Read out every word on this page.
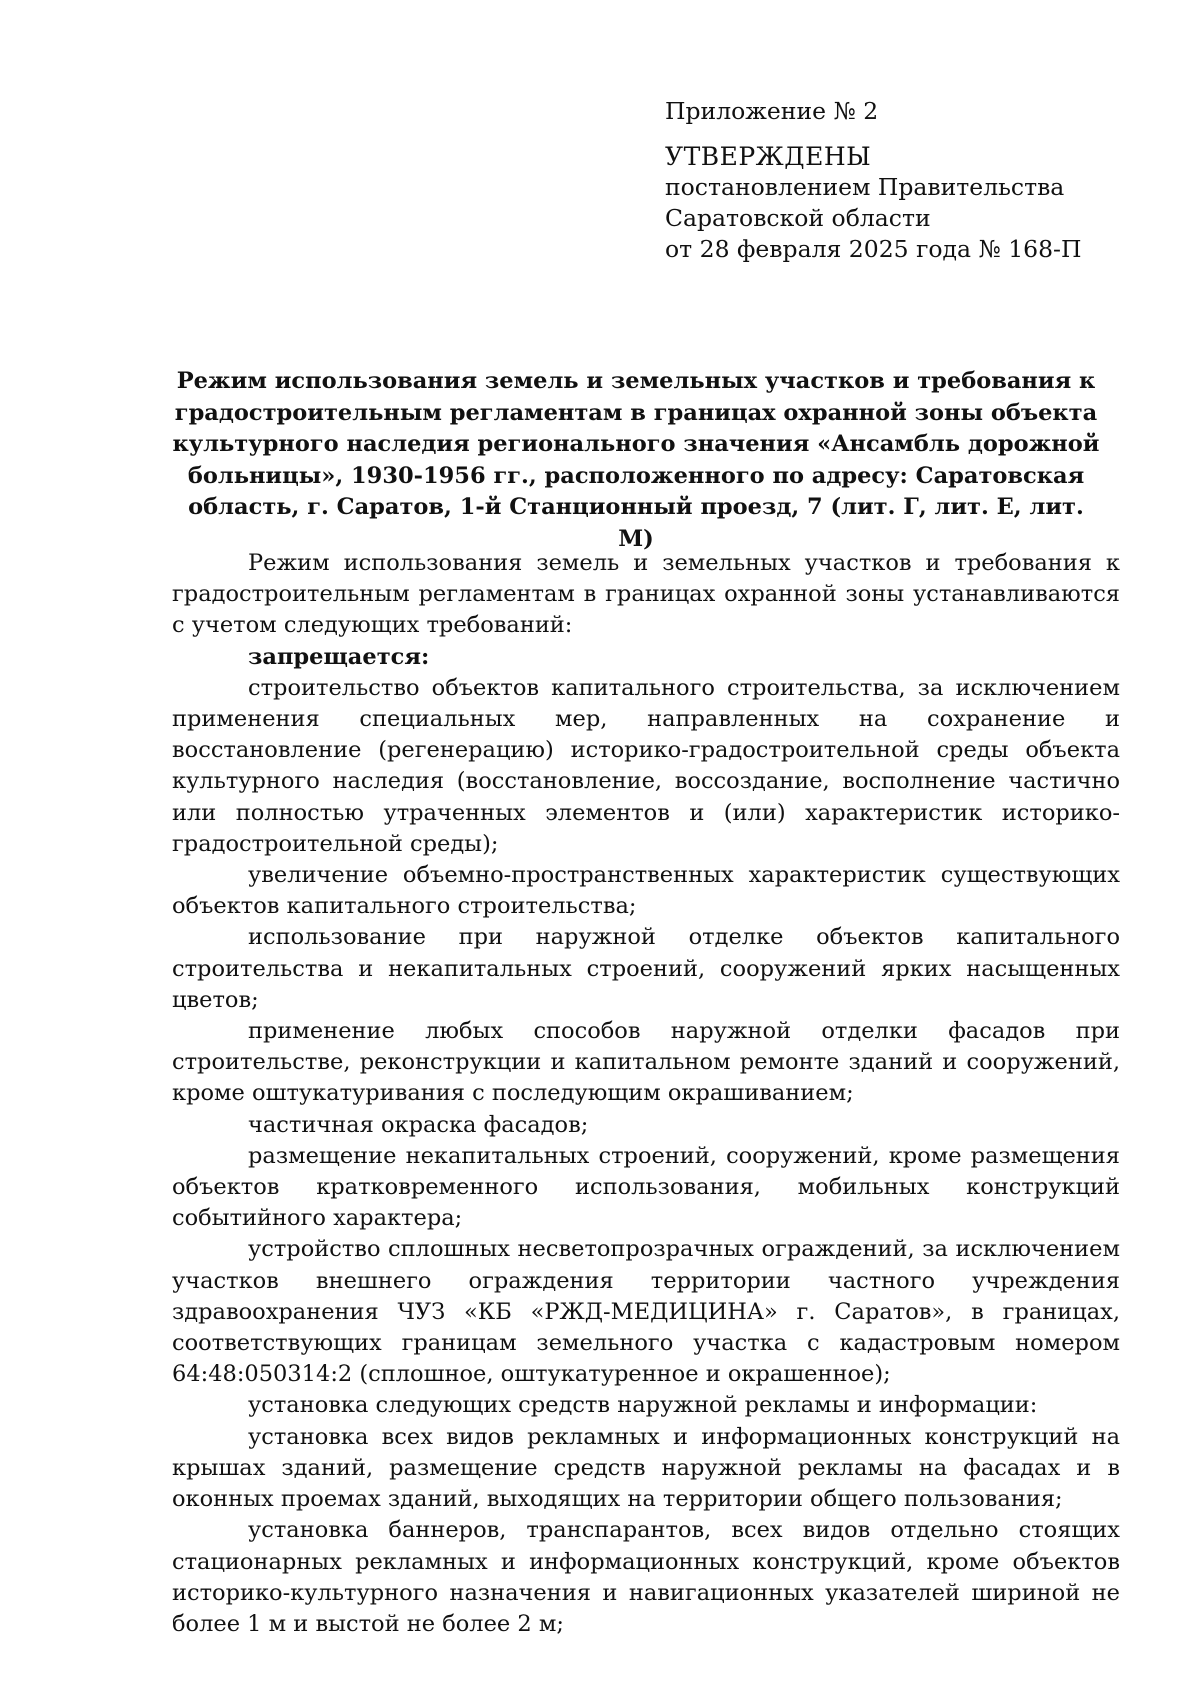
Приложение № 2
УТВЕРЖДЕНЫ
постановлением Правительства
Саратовской области
от 28 февраля 2025 года № 168-П
Режим использования земель и земельных участков и требования к градостроительным регламентам в границах охранной зоны объекта культурного наследия регионального значения «Ансамбль дорожной больницы», 1930-1956 гг., расположенного по адресу: Саратовская область, г. Саратов, 1-й Станционный проезд, 7 (лит. Г, лит. Е, лит. М)

Режим использования земель и земельных участков и требования к градостроительным регламентам в границах охранной зоны устанавливаются с учетом следующих требований:

запрещается:

строительство объектов капитального строительства, за исключением применения специальных мер, направленных на сохранение и восстановление (регенерацию) историко-градостроительной среды объекта культурного наследия (восстановление, воссоздание, восполнение частично или полностью утраченных элементов и (или) характеристик историко-градостроительной среды);

увеличение объемно-пространственных характеристик существующих объектов капитального строительства;

использование при наружной отделке объектов капитального строительства и некапитальных строений, сооружений ярких насыщенных цветов;

применение любых способов наружной отделки фасадов при строительстве, реконструкции и капитальном ремонте зданий и сооружений, кроме оштукатуривания с последующим окрашиванием;

частичная окраска фасадов;

размещение некапитальных строений, сооружений, кроме размещения объектов кратковременного использования, мобильных конструкций событийного характера;

устройство сплошных несветопрозрачных ограждений, за исключением участков внешнего ограждения территории частного учреждения здравоохранения ЧУЗ «КБ «РЖД-МЕДИЦИНА» г. Саратов», в границах, соответствующих границам земельного участка с кадастровым номером 64:48:050314:2 (сплошное, оштукатуренное и окрашенное);

установка следующих средств наружной рекламы и информации:

установка всех видов рекламных и информационных конструкций на крышах зданий, размещение средств наружной рекламы на фасадах и в оконных проемах зданий, выходящих на территории общего пользования;

установка баннеров, транспарантов, всех видов отдельно стоящих стационарных рекламных и информационных конструкций, кроме объектов историко-культурного назначения и навигационных указателей шириной не более 1 м и выстой не более 2 м;
